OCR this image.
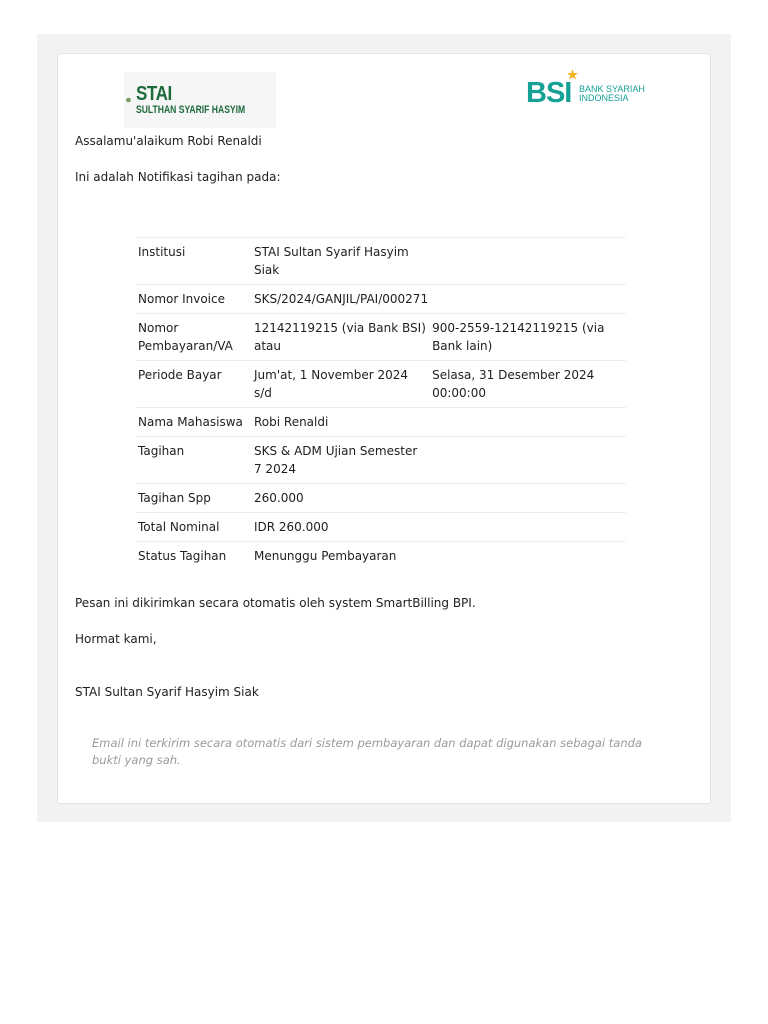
STAI
SULTHAN SYARIF HASYIM
BSI BANK SYARIAH
INDONESIA
Assalamu'alaikum Robi Renaldi
Ini adalah Notifikasi tagihan pada:
Institusi	STAI Sultan Syarif Hasyim Siak	
Nomor Invoice	SKS/2024/GANJIL/PAI/000271	
Nomor Pembayaran/VA	12142119215 (via Bank BSI) atau	900-2559-12142119215 (via Bank lain)
Periode Bayar	Jum'at, 1 November 2024 s/d	Selasa, 31 Desember 2024 00:00:00
Nama Mahasiswa	Robi Renaldi	
Tagihan	SKS & ADM Ujian Semester 7 2024	
Tagihan Spp	260.000	
Total Nominal	IDR 260.000	
Status Tagihan	Menunggu Pembayaran	
Pesan ini dikirimkan secara otomatis oleh system SmartBilling BPI.
Hormat kami,
STAI Sultan Syarif Hasyim Siak
Email ini terkirim secara otomatis dari sistem pembayaran dan dapat digunakan sebagai tanda bukti yang sah.
